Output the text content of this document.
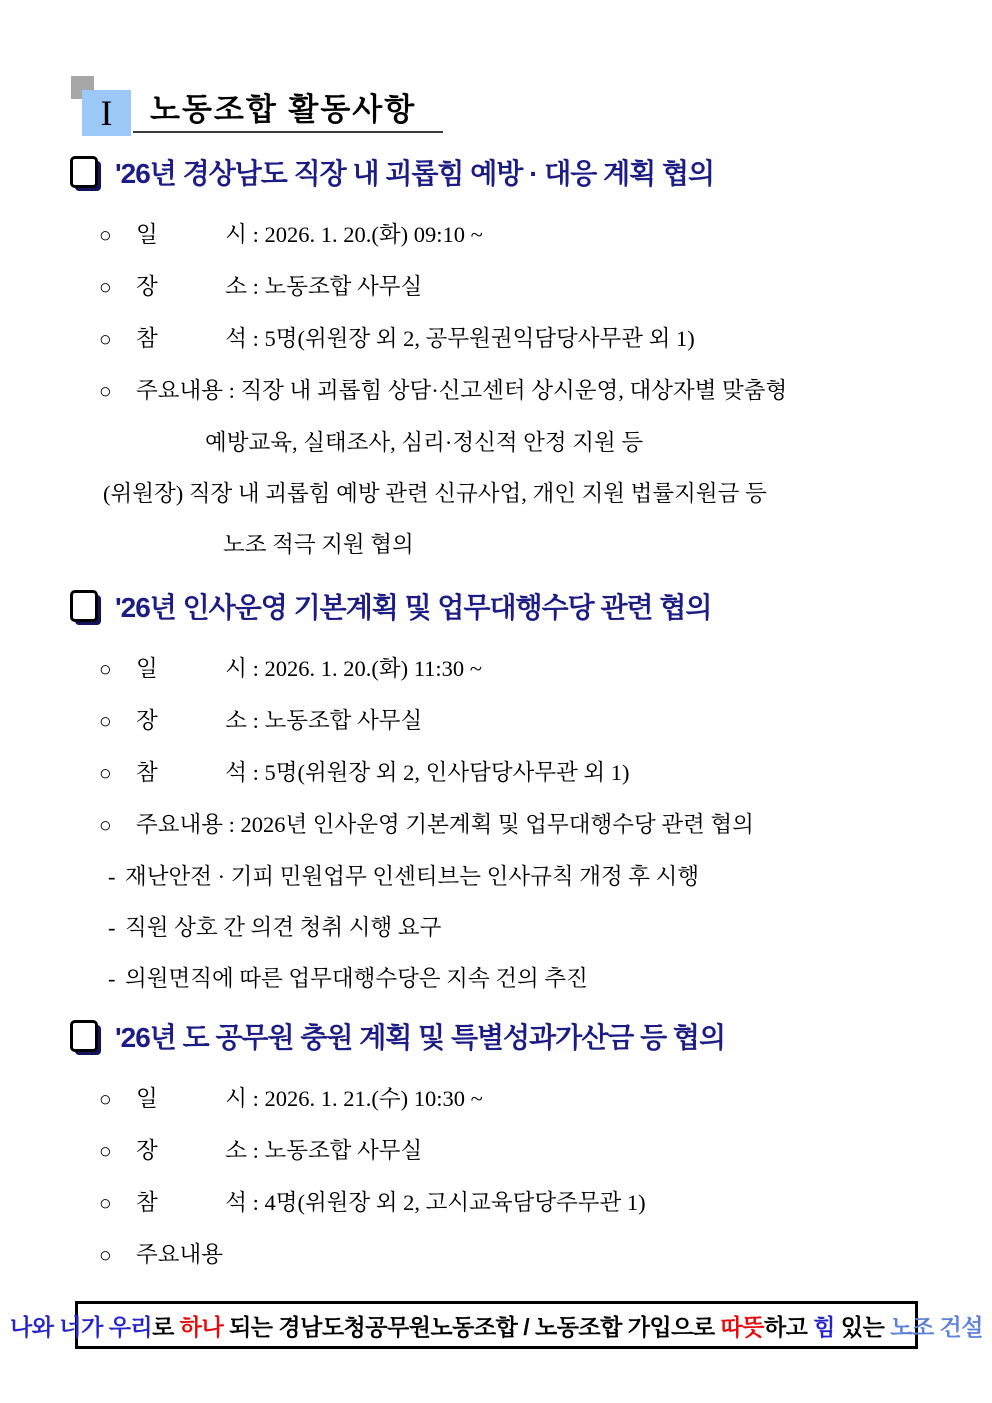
I 노동조합 활동사항
'26년 경상남도 직장 내 괴롭힘 예방 · 대응 계획 협의
○ 일　　　시 : 2026. 1. 20.(화) 09:10 ~
○ 장　　　소 : 노동조합 사무실
○ 참　　　석 : 5명(위원장 외 2, 공무원권익담당사무관 외 1)
○ 주요내용 : 직장 내 괴롭힘 상담·신고센터 상시운영, 대상자별 맞춤형
예방교육, 실태조사, 심리·정신적 안정 지원 등
(위원장) 직장 내 괴롭힘 예방 관련 신규사업, 개인 지원 법률지원금 등
노조 적극 지원 협의
'26년 인사운영 기본계획 및 업무대행수당 관련 협의
○ 일　　　시 : 2026. 1. 20.(화) 11:30 ~
○ 장　　　소 : 노동조합 사무실
○ 참　　　석 : 5명(위원장 외 2, 인사담당사무관 외 1)
○ 주요내용 : 2026년 인사운영 기본계획 및 업무대행수당 관련 협의
- 재난안전 · 기피 민원업무 인센티브는 인사규칙 개정 후 시행
- 직원 상호 간 의견 청취 시행 요구
- 의원면직에 따른 업무대행수당은 지속 건의 추진
'26년 도 공무원 충원 계획 및 특별성과가산금 등 협의
○ 일　　　시 : 2026. 1. 21.(수) 10:30 ~
○ 장　　　소 : 노동조합 사무실
○ 참　　　석 : 4명(위원장 외 2, 고시교육담당주무관 1)
○ 주요내용
나와 너가 우리 로 하나 되는 경남도청공무원노동조합 / 노동조합 가입으로 따뜻 하고 힘 있는 노조 건설
